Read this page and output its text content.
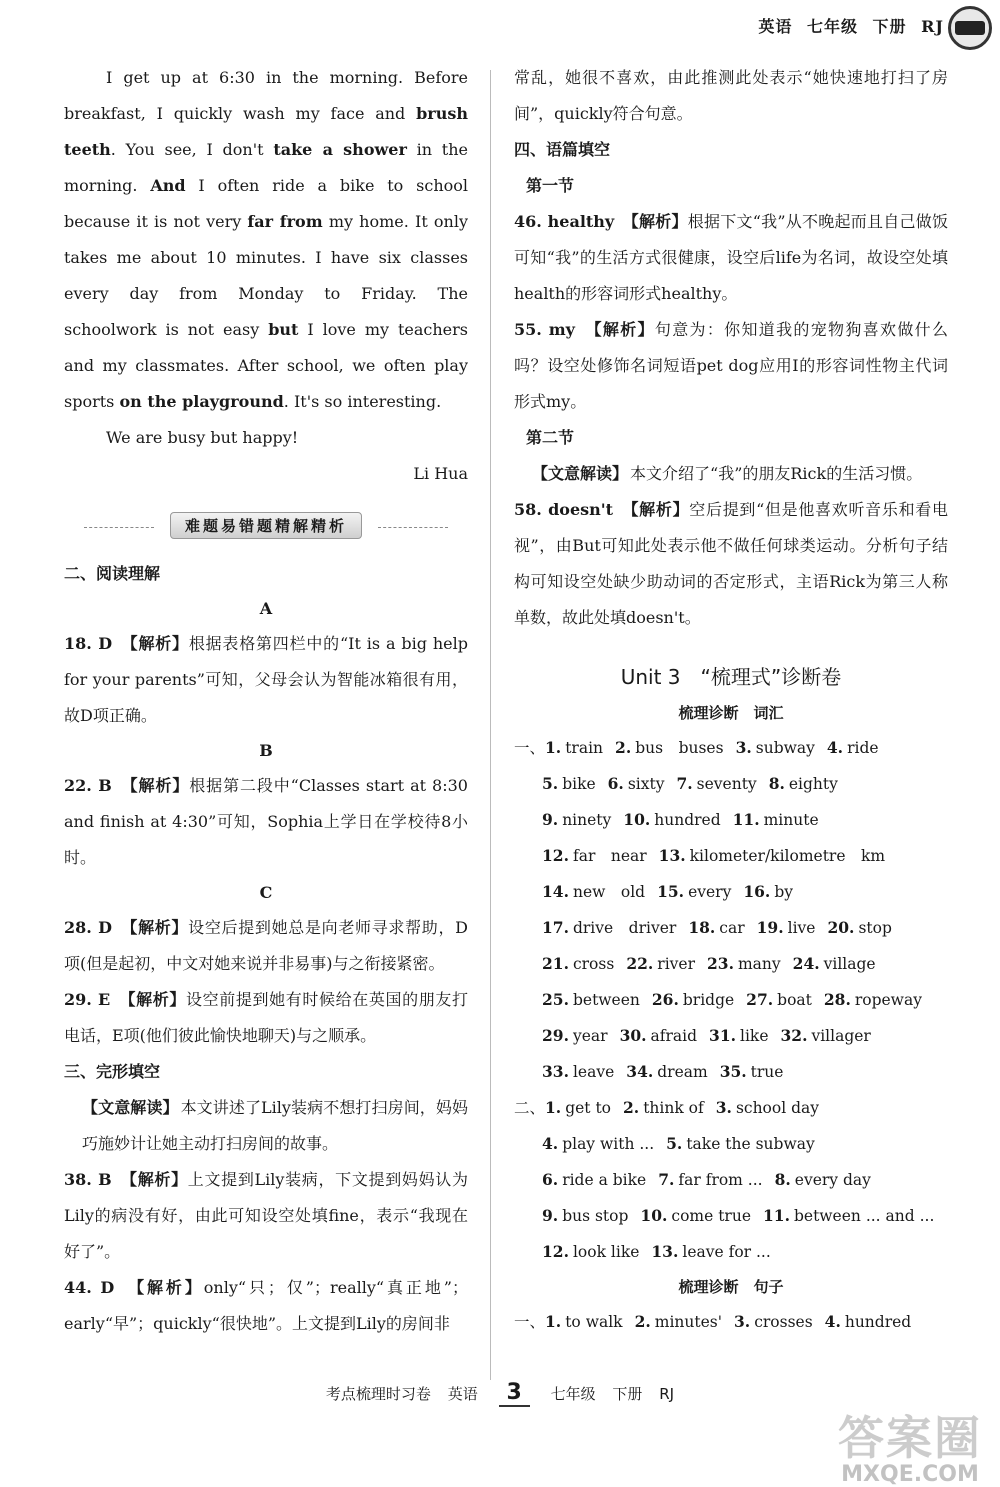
英语 七年级 下册 RJ

I get up at 6:30 in the morning. Before breakfast, I quickly wash my face and brush teeth. You see, I don't take a shower in the morning. And I often ride a bike to school because it is not very far from my home. It only takes me about 10 minutes. I have six classes every day from Monday to Friday. The schoolwork is not easy but I love my teachers and my classmates. After school, we often play sports on the playground. It's so interesting.

We are busy but happy!

Li Hua

难题易错题精解精析

二、阅读理解

A

18. D　 【解析】根据表格第四栏中的“It is a big help for your parents”可知，父母会认为智能冰箱很有用，故D项正确。

B

22. B　 【解析】根据第二段中“Classes start at 8:30 and finish at 4:30”可知，Sophia上学日在学校待8小时。

C

28. D　 【解析】设空后提到她总是向老师寻求帮助，D项(但是起初，中文对她来说并非易事)与之衔接紧密。

29. E　 【解析】设空前提到她有时候给在英国的朋友打电话，E项(他们彼此愉快地聊天)与之顺承。

三、完形填空

【文意解读】 本文讲述了Lily装病不想打扫房间，妈妈巧施妙计让她主动打扫房间的故事。

38. B　 【解析】上文提到Lily装病，下文提到妈妈认为Lily的病没有好，由此可知设空处填fine，表示“我现在好了”。

44. D　 【解析】only“只；仅”；really“真正地”；early“早”；quickly“很快地”。上文提到Lily的房间非

常乱，她很不喜欢，由此推测此处表示“她快速地打扫了房间”，quickly符合句意。

四、语篇填空

第一节

46. healthy　 【解析】根据下文“我”从不晚起而且自己做饭可知“我”的生活方式很健康，设空后life为名词，故设空处填health的形容词形式healthy。

55. my　 【解析】句意为：你知道我的宠物狗喜欢做什么吗？设空处修饰名词短语pet dog应用I的形容词性物主代词形式my。

第二节

【文意解读】 本文介绍了“我”的朋友Rick的生活习惯。

58. doesn't　 【解析】空后提到“但是他喜欢听音乐和看电视”，由But可知此处表示他不做任何球类运动。分析句子结构可知设空处缺少助动词的否定形式，主语Rick为第三人称单数，故此处填doesn't。

Unit 3　“梳理式”诊断卷

梳理诊断　词汇

一、1. train 2. bus　buses 3. subway 4. ride

5. bike 6. sixty 7. seventy 8. eighty

9. ninety 10. hundred 11. minute

12. far　near 13. kilometer/kilometre　km

14. new　old 15. every 16. by

17. drive　driver 18. car 19. live 20. stop

21. cross 22. river 23. many 24. village

25. between 26. bridge 27. boat 28. ropeway

29. year 30. afraid 31. like 32. villager

33. leave 34. dream 35. true

二、1. get to 2. think of 3. school day

4. play with ... 5. take the subway

6. ride a bike 7. far from ... 8. every day

9. bus stop 10. come true 11. between ... and ...

12. look like 13. leave for ...

梳理诊断　句子

一、1. to walk 2. minutes' 3. crosses 4. hundred

考点梳理时习卷 英语 3 七年级 下册 RJ
答案圈
MXQE.COM
